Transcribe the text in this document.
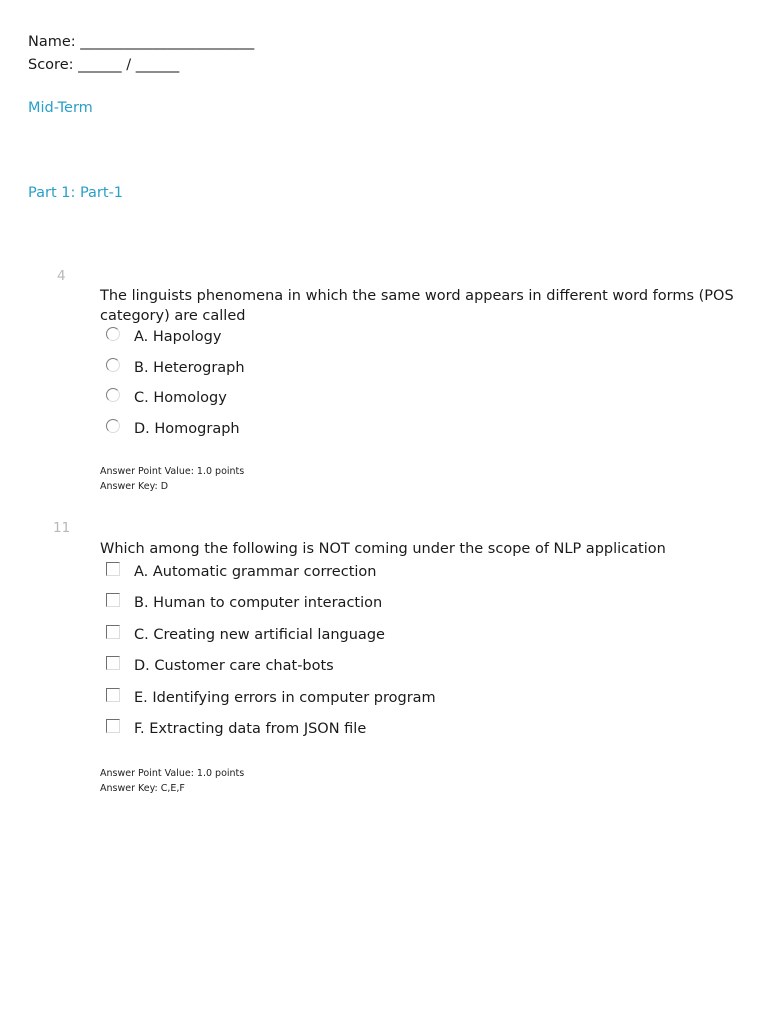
Name: ________________________
Score: ______ / ______
Mid-Term
Part 1: Part-1
4
The linguists phenomena in which the same word appears in different word forms (POS category) are called
A. Hapology
B. Heterograph
C. Homology
D. Homograph
Answer Point Value: 1.0 points
Answer Key: D
11
Which among the following is NOT coming under the scope of NLP application
A. Automatic grammar correction
B. Human to computer interaction
C. Creating new artificial language
D. Customer care chat-bots
E. Identifying errors in computer program
F. Extracting data from JSON file
Answer Point Value: 1.0 points
Answer Key: C,E,F
